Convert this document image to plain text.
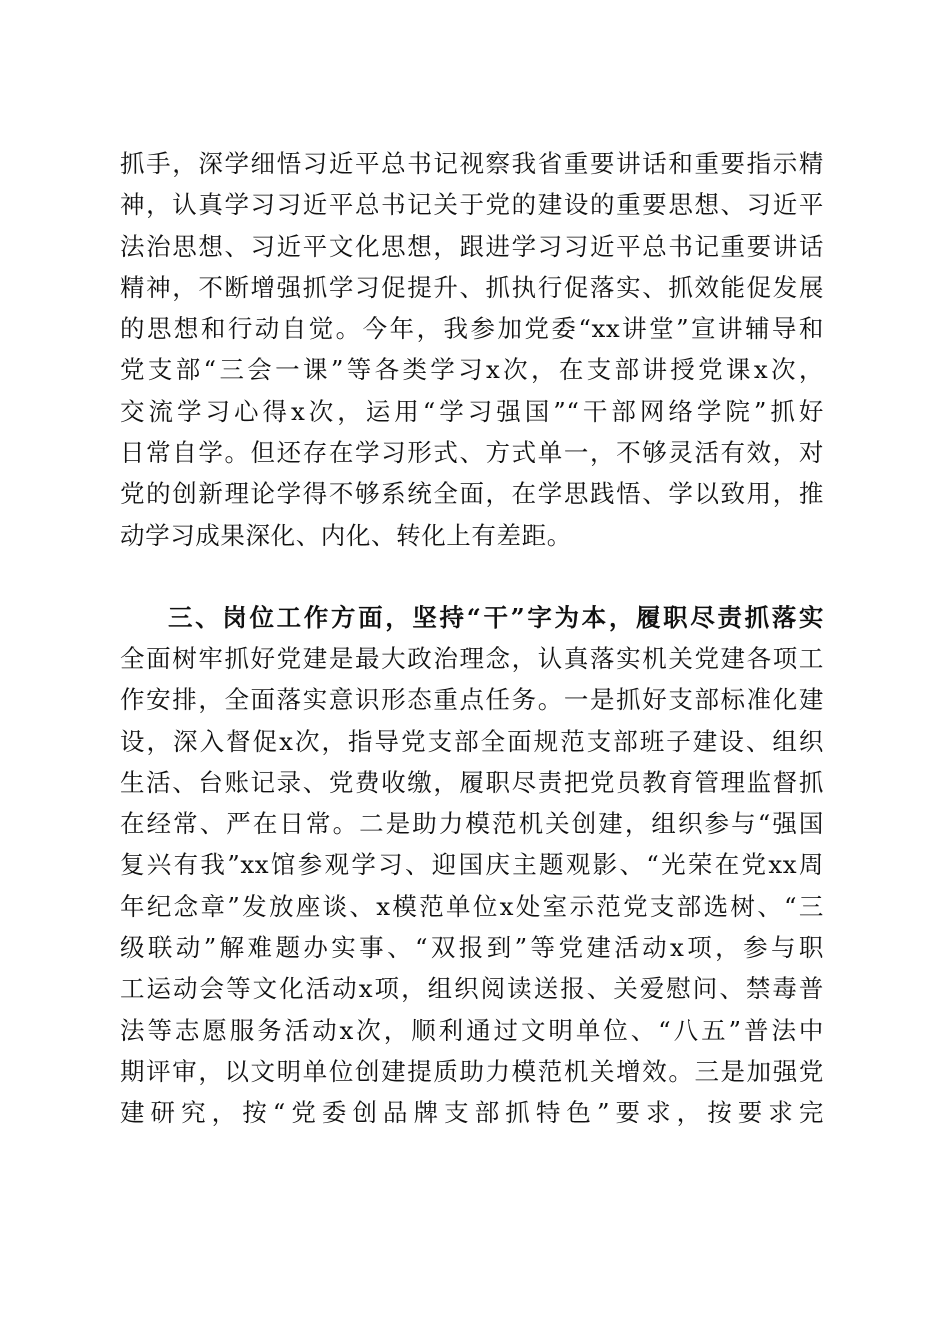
抓手，深学细悟习近平总书记视察我省重要讲话和重要指示精
神，认真学习习近平总书记关于党的建设的重要思想、习近平
法治思想、习近平文化思想，跟进学习习近平总书记重要讲话
精神，不断增强抓学习促提升、抓执行促落实、抓效能促发展
的思想和行动自觉。今年，我参加党委“xx讲堂”宣讲辅导和
党支部“三会一课”等各类学习x次，在支部讲授党课x次，
交流学习心得x次，运用“学习强国”“干部网络学院”抓好
日常自学。但还存在学习形式、方式单一，不够灵活有效，对
党的创新理论学得不够系统全面，在学思践悟、学以致用，推
动学习成果深化、内化、转化上有差距。
三、岗位工作方面，坚持“干”字为本，履职尽责抓落实
全面树牢抓好党建是最大政治理念，认真落实机关党建各项工
作安排，全面落实意识形态重点任务。一是抓好支部标准化建
设，深入督促x次，指导党支部全面规范支部班子建设、组织
生活、台账记录、党费收缴，履职尽责把党员教育管理监督抓
在经常、严在日常。二是助力模范机关创建，组织参与“强国
复兴有我”xx馆参观学习、迎国庆主题观影、“光荣在党xx周
年纪念章”发放座谈、x模范单位x处室示范党支部选树、“三
级联动”解难题办实事、“双报到”等党建活动x项，参与职
工运动会等文化活动x项，组织阅读送报、关爱慰问、禁毒普
法等志愿服务活动x次，顺利通过文明单位、“八五”普法中
期评审，以文明单位创建提质助力模范机关增效。三是加强党
建研究，按“党委创品牌支部抓特色”要求，按要求完
